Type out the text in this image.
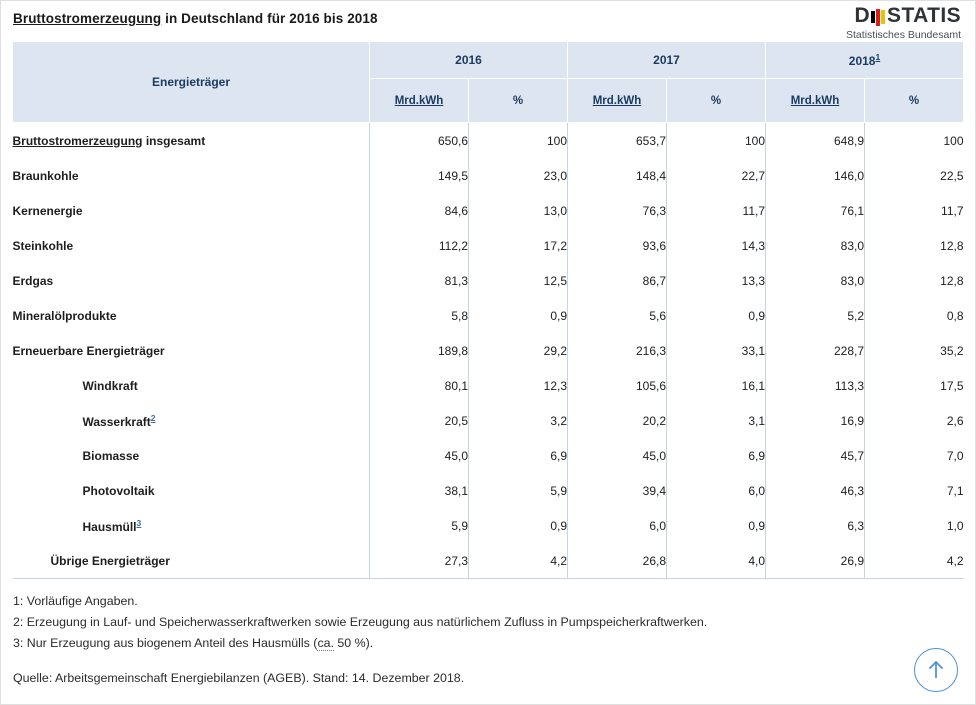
Bruttostromerzeugung in Deutschland für 2016 bis 2018	D STATIS
Statistisches Bundesamt
Energieträger	2016		2017		2018$^1$
	Mrd.kWh	%	Mrd.kWh	%	Mrd.kWh	%
Bruttostromerzeugung insgesamt	650,6	100	653,7	100	648,9	100
Braunkohle	149,5	23,0	148,4	22,7	146,0	22,5
Kernenergie	84,6	13,0	76,3	11,7	76,1	11,7
Steinkohle	112,2	17,2	93,6	14,3	83,0	12,8
Erdgas	81,3	12,5	86,7	13,3	83,0	12,8
Mineralölprodukte	5,8	0,9	5,6	0,9	5,2	0,8
Erneuerbare Energieträger	189,8	29,2	216,3	33,1	228,7	35,2
Windkraft	80,1	12,3	105,6	16,1	113,3	17,5
Wasserkraft$^2$	20,5	3,2	20,2	3,1	16,9	2,6
Biomasse	45,0	6,9	45,0	6,9	45,7	7,0
Photovoltaik	38,1	5,9	39,4	6,0	46,3	7,1
Hausmüll$^3$	5,9	0,9	6,0	0,9	6,3	1,0
Übrige Energieträger	27,3	4,2	26,8	4,0	26,9	4,2
1: Vorläufige Angaben.
2: Erzeugung in Lauf- und Speicherwasserkraftwerken sowie Erzeugung aus natürlichem Zufluss in Pumpspeicherkraftwerken.
3: Nur Erzeugung aus biogenem Anteil des Hausmülls (ca. 50 %).
Quelle: Arbeitsgemeinschaft Energiebilanzen (AGEB). Stand: 14. Dezember 2018.
